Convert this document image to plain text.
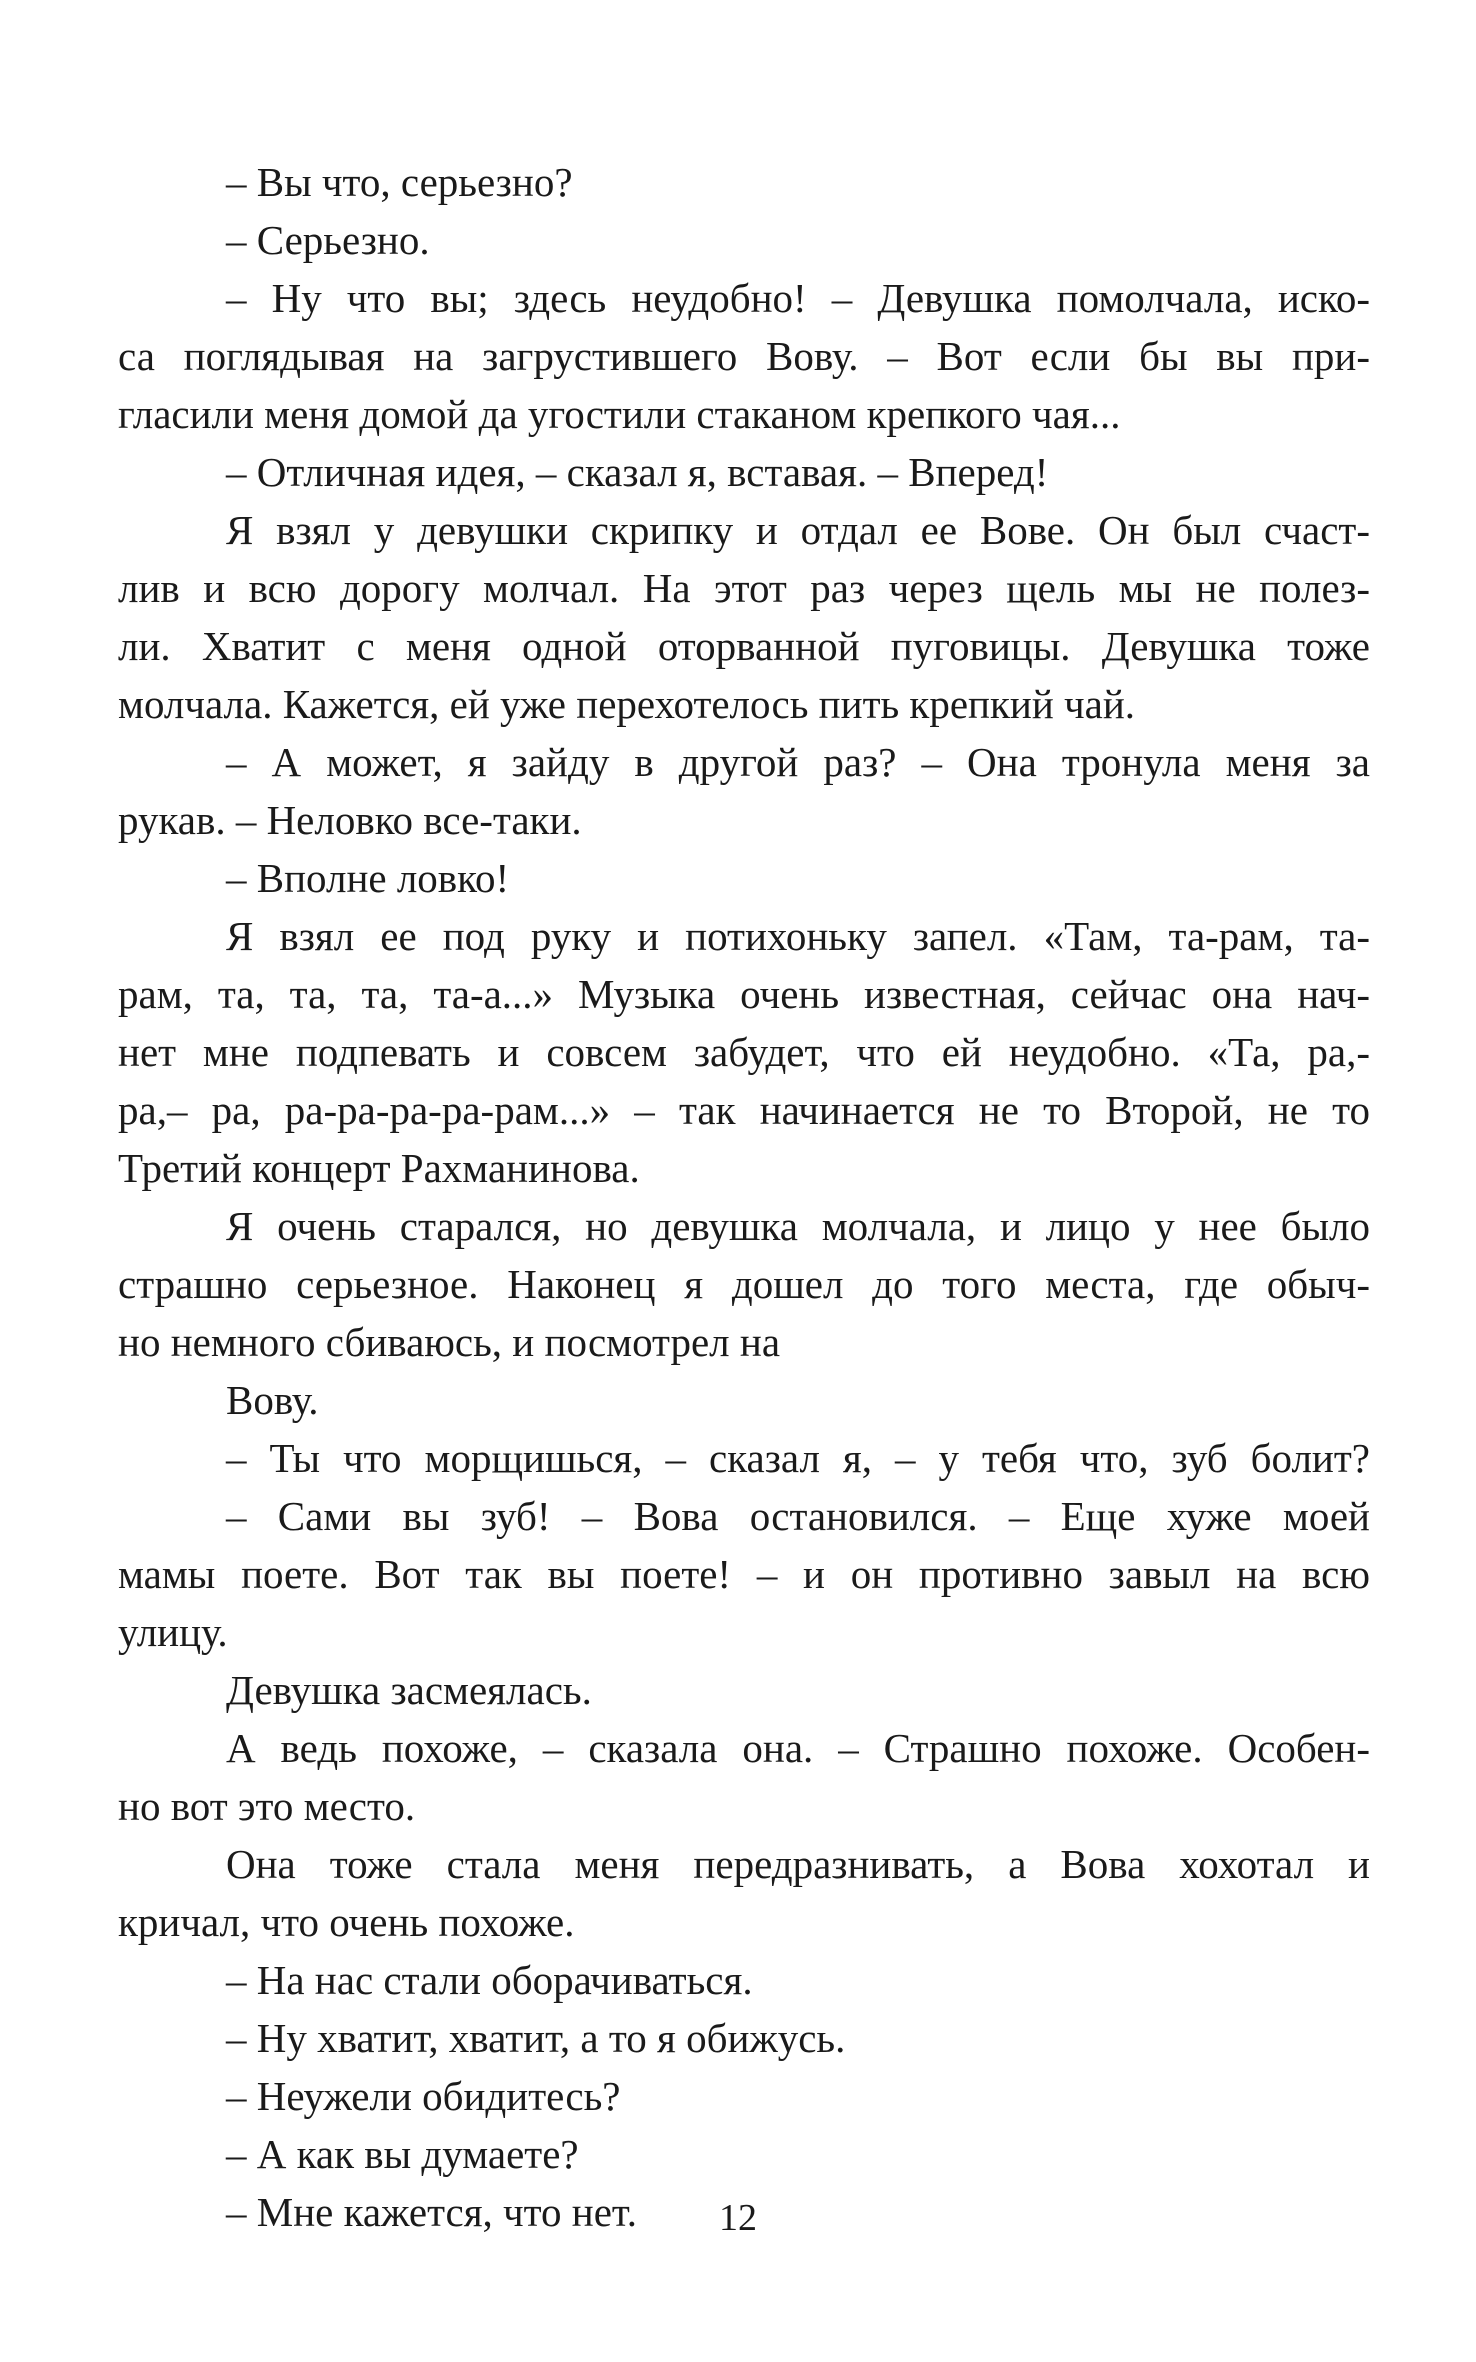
– Вы что, серьезно?
– Серьезно.
– Ну что вы; здесь неудобно! – Девушка помолчала, иско-
са поглядывая на загрустившего Вову. – Вот если бы вы при-
гласили меня домой да угостили стаканом крепкого чая...
– Отличная идея, – сказал я, вставая. – Вперед!
Я взял у девушки скрипку и отдал ее Вове. Он был счаст-
лив и всю дорогу молчал. На этот раз через щель мы не полез-
ли. Хватит с меня одной оторванной пуговицы. Девушка тоже
молчала. Кажется, ей уже перехотелось пить крепкий чай.
– А может, я зайду в другой раз? – Она тронула меня за
рукав. – Неловко все-таки.
– Вполне ловко!
Я взял ее под руку и потихоньку запел. «Там, та-рам, та-
рам, та, та, та, та-а...» Музыка очень известная, сейчас она нач-
нет мне подпевать и совсем забудет, что ей неудобно. «Та, ра,-
ра,– ра, ра-ра-ра-ра-рам...» – так начинается не то Второй, не то
Третий концерт Рахманинова.
Я очень старался, но девушка молчала, и лицо у нее было
страшно серьезное. Наконец я дошел до того места, где обыч-
но немного сбиваюсь, и посмотрел на
Вову.
– Ты что морщишься, – сказал я, – у тебя что, зуб болит?
– Сами вы зуб! – Вова остановился. – Еще хуже моей
мамы поете. Вот так вы поете! – и он противно завыл на всю
улицу.
Девушка засмеялась.
А ведь похоже, – сказала она. – Страшно похоже. Особен-
но вот это место.
Она тоже стала меня передразнивать, а Вова хохотал и
кричал, что очень похоже.
– На нас стали оборачиваться.
– Ну хватит, хватит, а то я обижусь.
– Неужели обидитесь?
– А как вы думаете?
– Мне кажется, что нет.	12
